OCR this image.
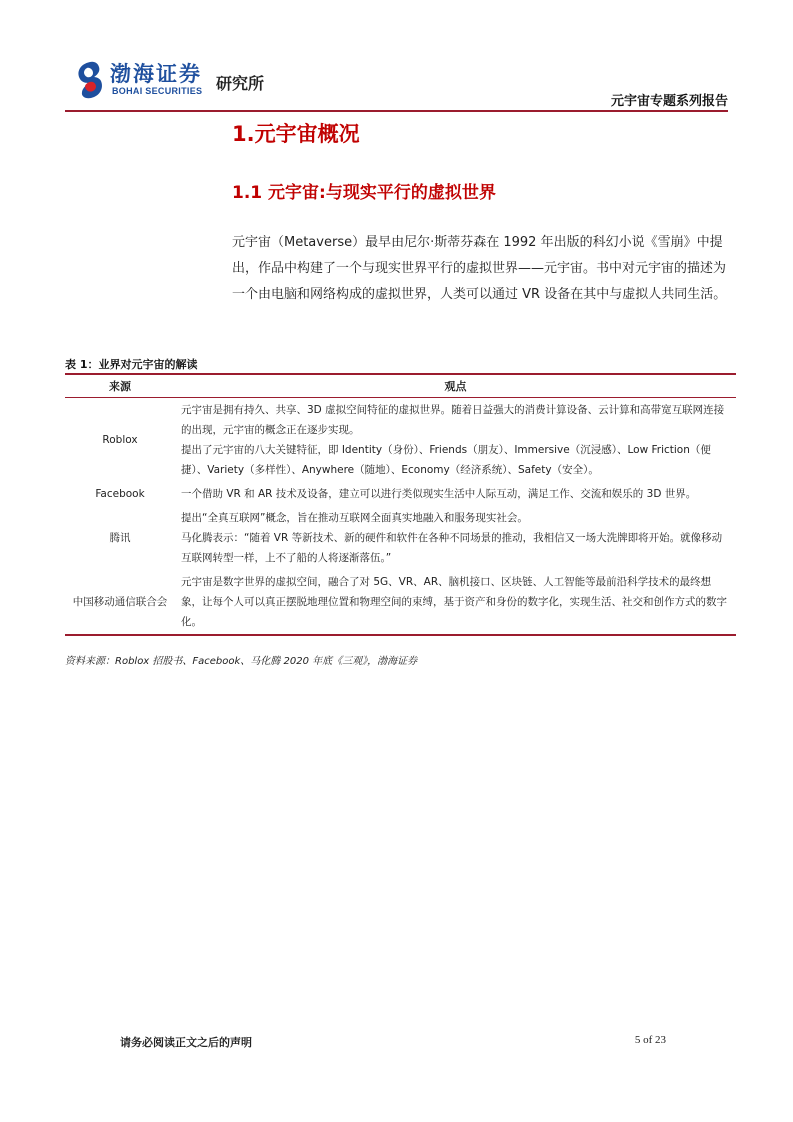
渤海证券
BOHAI SECURITIES 研究所
元宇宙专题系列报告
1.元宇宙概况
1.1 元宇宙:与现实平行的虚拟世界

元宇宙（Metaverse）最早由尼尔·斯蒂芬森在 1992 年出版的科幻小说《雪崩》中提出，作品中构建了一个与现实世界平行的虚拟世界——元宇宙。书中对元宇宙的描述为一个由电脑和网络构成的虚拟世界，人类可以通过 VR 设备在其中与虚拟人共同生活。

表 1：业界对元宇宙的解读
来源	观点
Roblox	元宇宙是拥有持久、共享、3D 虚拟空间特征的虚拟世界。随着日益强大的消费计算设备、云计算和高带宽互联网连接的出现，元宇宙的概念正在逐步实现。
提出了元宇宙的八大关键特征，即 Identity（身份）、Friends（朋友）、Immersive（沉浸感）、Low Friction（便捷）、Variety（多样性）、Anywhere（随地）、Economy（经济系统）、Safety（安全）。

Facebook	一个借助 VR 和 AR 技术及设备，建立可以进行类似现实生活中人际互动，满足工作、交流和娱乐的 3D 世界。

腾讯	提出“全真互联网”概念，旨在推动互联网全面真实地融入和服务现实社会。
马化腾表示：“随着 VR 等新技术、新的硬件和软件在各种不同场景的推动，我相信又一场大洗牌即将开始。就像移动互联网转型一样，上不了船的人将逐渐落伍。”

中国移动通信联合会	元宇宙是数字世界的虚拟空间，融合了对 5G、VR、AR、脑机接口、区块链、人工智能等最前沿科学技术的最终想象，让每个人可以真正摆脱地理位置和物理空间的束缚，基于资产和身份的数字化，实现生活、社交和创作方式的数字化。
资料来源：Roblox 招股书、Facebook、马化腾 2020 年底《三观》，渤海证券
请务必阅读正文之后的声明	5 of 23
